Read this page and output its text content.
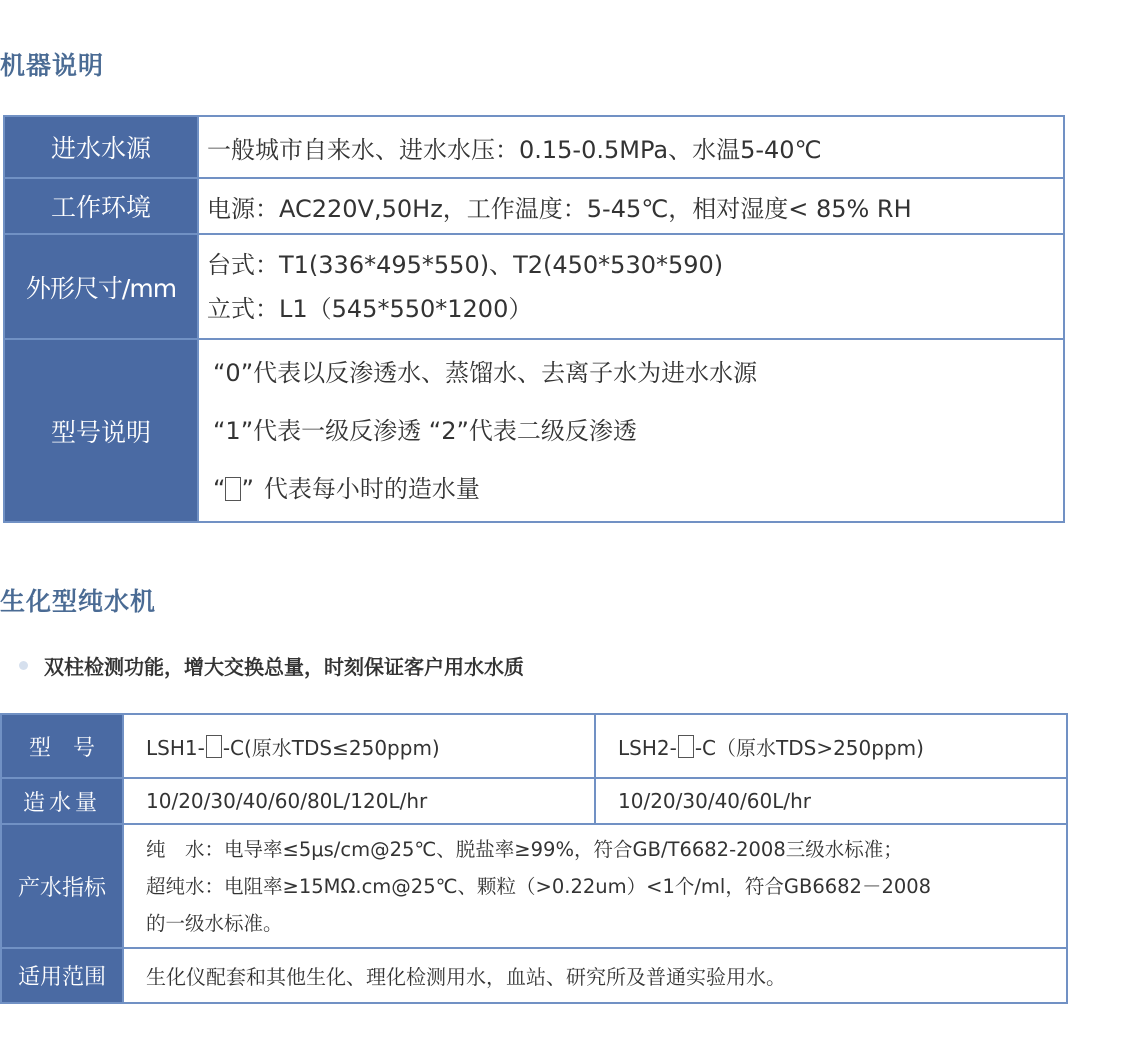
机器说明
进水水源	一般城市自来水、进水水压：0.15-0.5MPa、水温5-40℃

工作环境	电源：AC220V,50Hz，工作温度：5-45℃，相对湿度< 85% RH

外形尺寸/mm	台式：T1(336*495*550)、T2(450*530*590)
立式：L1（545*550*1200）

型号说明	“0”代表以反渗透水、蒸馏水、去离子水为进水水源
“1”代表一级反渗透 “2”代表二级反渗透
“ ” 代表每小时的造水量
生化型纯水机
双柱检测功能，增大交换总量，时刻保证客户用水水质
型　号	LSH1- -C(原水TDS≤250ppm)	LSH2- -C（原水TDS>250ppm)
造水量	10/20/30/40/60/80L/120L/hr	10/20/30/40/60L/hr
产水指标	纯　水：电导率≤5μs/cm@25℃、脱盐率≥99%，符合GB/T6682-2008三级水标准；
超纯水：电阻率≥15MΩ.cm@25℃、颗粒（>0.22um）<1个/ml，符合GB6682－2008
的一级水标准。	

适用范围	生化仪配套和其他生化、理化检测用水，血站、研究所及普通实验用水。	
